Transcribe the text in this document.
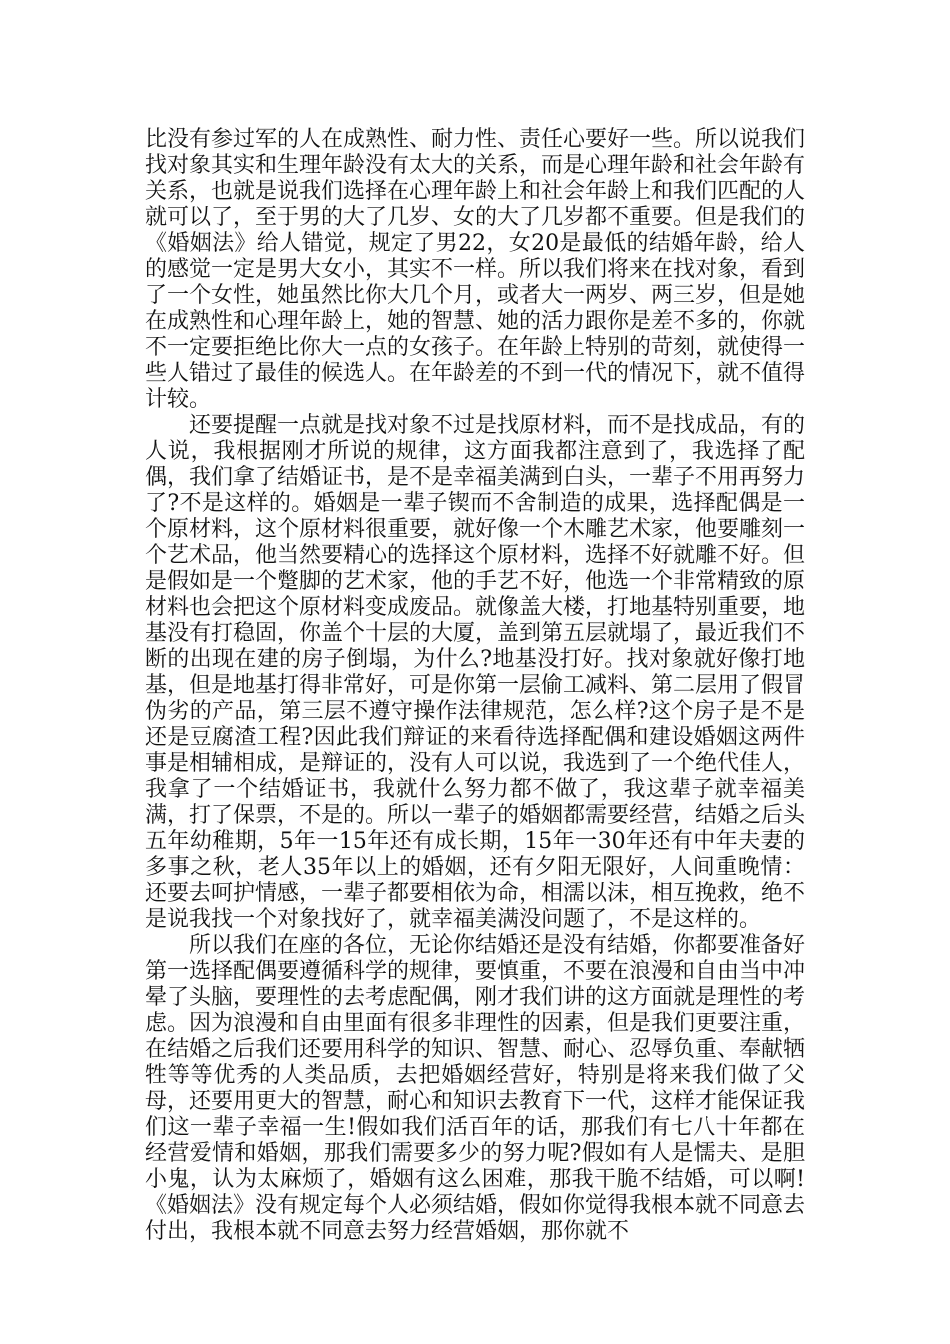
比没有参过军的人在成熟性、耐力性、责任心要好一些。所以说我们找对象其实和生理年龄没有太大的关系，而是心理年龄和社会年龄有关系，也就是说我们选择在心理年龄上和社会年龄上和我们匹配的人就可以了，至于男的大了几岁、女的大了几岁都不重要。但是我们的《婚姻法》给人错觉，规定了男22，女20是最低的结婚年龄，给人的感觉一定是男大女小，其实不一样。所以我们将来在找对象，看到了一个女性，她虽然比你大几个月，或者大一两岁、两三岁，但是她在成熟性和心理年龄上，她的智慧、她的活力跟你是差不多的，你就不一定要拒绝比你大一点的女孩子。在年龄上特别的苛刻，就使得一些人错过了最佳的候选人。在年龄差的不到一代的情况下，就不值得计较。

还要提醒一点就是找对象不过是找原材料，而不是找成品，有的人说，我根据刚才所说的规律，这方面我都注意到了，我选择了配偶，我们拿了结婚证书，是不是幸福美满到白头，一辈子不用再努力了?不是这样的。婚姻是一辈子锲而不舍制造的成果，选择配偶是一个原材料，这个原材料很重要，就好像一个木雕艺术家，他要雕刻一个艺术品，他当然要精心的选择这个原材料，选择不好就雕不好。但是假如是一个蹩脚的艺术家，他的手艺不好，他选一个非常精致的原材料也会把这个原材料变成废品。就像盖大楼，打地基特别重要，地基没有打稳固，你盖个十层的大厦，盖到第五层就塌了，最近我们不断的出现在建的房子倒塌，为什么?地基没打好。找对象就好像打地基，但是地基打得非常好，可是你第一层偷工减料、第二层用了假冒伪劣的产品，第三层不遵守操作法律规范，怎么样?这个房子是不是还是豆腐渣工程?因此我们辩证的来看待选择配偶和建设婚姻这两件事是相辅相成，是辩证的，没有人可以说，我选到了一个绝代佳人，我拿了一个结婚证书，我就什么努力都不做了，我这辈子就幸福美满，打了保票，不是的。所以一辈子的婚姻都需要经营，结婚之后头五年幼稚期，5年一15年还有成长期，15年一30年还有中年夫妻的多事之秋，老人35年以上的婚姻，还有夕阳无限好，人间重晚情：还要去呵护情感，一辈子都要相依为命，相濡以沫，相互挽救，绝不是说我找一个对象找好了，就幸福美满没问题了，不是这样的。

所以我们在座的各位，无论你结婚还是没有结婚，你都要准备好第一选择配偶要遵循科学的规律，要慎重，不要在浪漫和自由当中冲晕了头脑，要理性的去考虑配偶，刚才我们讲的这方面就是理性的考虑。因为浪漫和自由里面有很多非理性的因素，但是我们更要注重，在结婚之后我们还要用科学的知识、智慧、耐心、忍辱负重、奉献牺牲等等优秀的人类品质，去把婚姻经营好，特别是将来我们做了父母，还要用更大的智慧，耐心和知识去教育下一代，这样才能保证我们这一辈子幸福一生!假如我们活百年的话，那我们有七八十年都在经营爱情和婚姻，那我们需要多少的努力呢?假如有人是懦夫、是胆小鬼，认为太麻烦了，婚姻有这么困难，那我干脆不结婚，可以啊!《婚姻法》没有规定每个人必须结婚，假如你觉得我根本就不同意去付出，我根本就不同意去努力经营婚姻，那你就不
